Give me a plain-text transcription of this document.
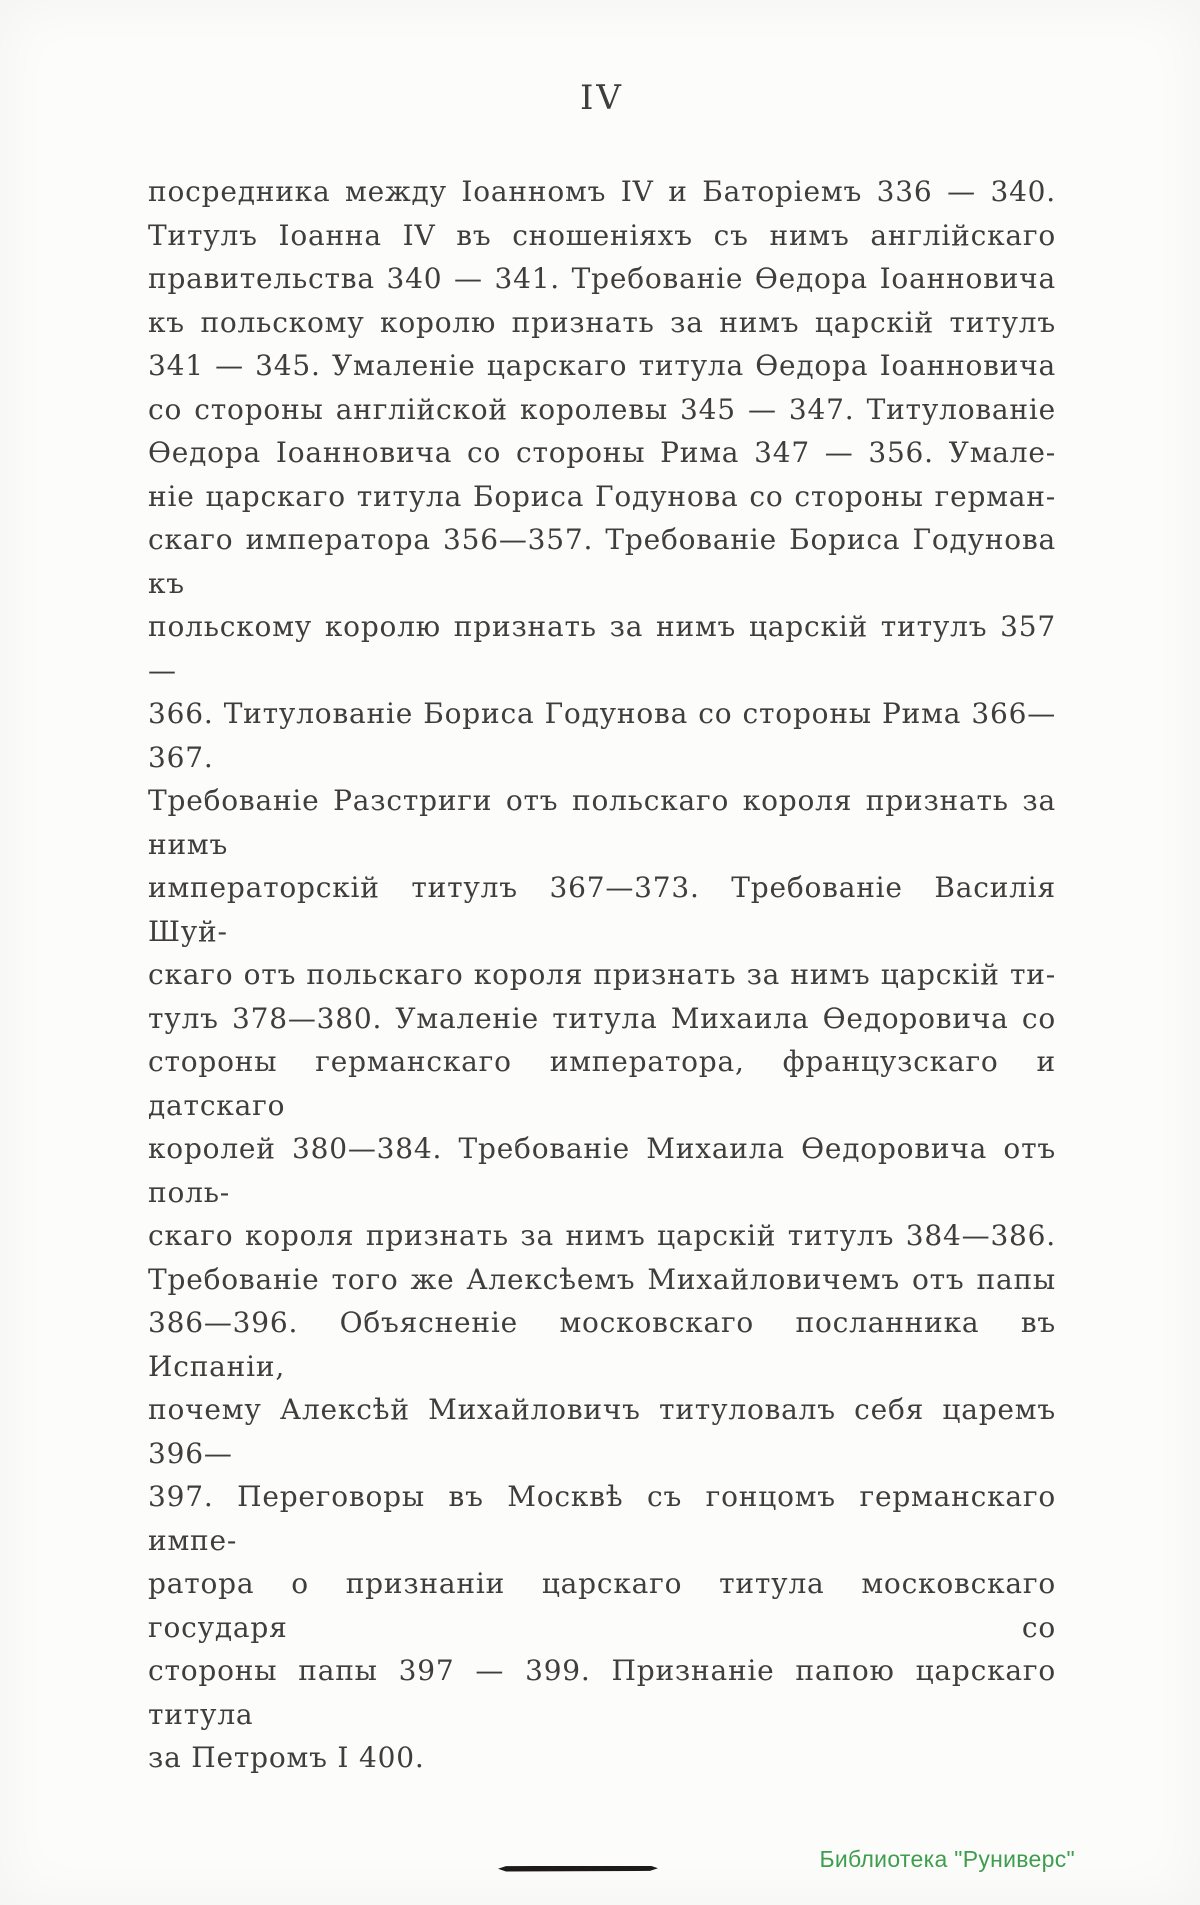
IV
посредника между Іоанномъ IV и Баторіемъ 336 — 340.
Титулъ Іоанна IV въ сношеніяхъ съ нимъ англійскаго
правительства 340 — 341. Требованіе Ѳедора Іоанновича
къ польскому королю признать за нимъ царскій титулъ
341 — 345. Умаленіе царскаго титула Ѳедора Іоанновича
со стороны англійской королевы 345 — 347. Титулованіе
Ѳедора Іоанновича со стороны Рима 347 — 356. Умале-
ніе царскаго титула Бориса Годунова со стороны герман-
скаго императора 356—357. Требованіе Бориса Годунова къ
польскому королю признать за нимъ царскій титулъ 357—
366. Титулованіе Бориса Годунова со стороны Рима 366—367.
Требованіе Разстриги отъ польскаго короля признать за нимъ
императорскій титулъ 367—373. Требованіе Василія Шуй-
скаго отъ польскаго короля признать за нимъ царскій ти-
тулъ 378—380. Умаленіе титула Михаила Ѳедоровича со
стороны германскаго императора, французскаго и датскаго
королей 380—384. Требованіе Михаила Ѳедоровича отъ поль-
скаго короля признать за нимъ царскій титулъ 384—386.
Требованіе того же Алексѣемъ Михайловичемъ отъ папы
386—396. Объясненіе московскаго посланника въ Испаніи,
почему Алексѣй Михайловичъ титуловалъ себя царемъ 396—
397. Переговоры въ Москвѣ съ гонцомъ германскаго импе-
ратора о признаніи царскаго титула московскаго государя со
стороны папы 397 — 399. Признаніе папою царскаго титула
за Петромъ I 400.
Библиотека "Руниверс"
